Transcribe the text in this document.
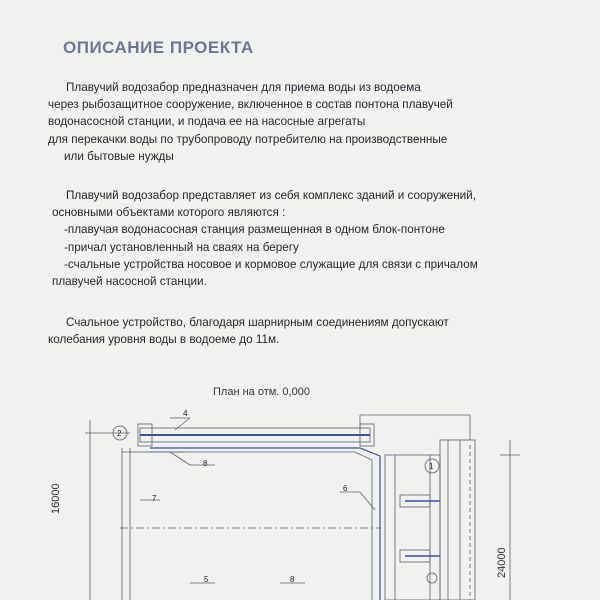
ОПИСАНИЕ ПРОЕКТА

Плавучий водозабор предназначен для приема воды из водоема

через рыбозащитное сооружение, включенное в состав понтона плавучей

водонасосной станции, и подача ее на насосные агрегаты

для перекачки воды по трубопроводу потребителю на производственные

или бытовые нужды

Плавучий водозабор представляет из себя комплекс зданий и сооружений,

основными объектами которого являются :

-плавучая водонасосная станция размещенная в одном блок-понтоне

-причал установленный на сваях на берегу

-счальные устройства носовое и кормовое служащие для связи с причалом

плавучей насосной станции.

Счальное устройство, благодаря шарнирным соединениям допускают

колебания уровня воды в водоеме до 11м.

План на отм. 0,000
4
2
1
8
7
6
5	8
16000
24000
